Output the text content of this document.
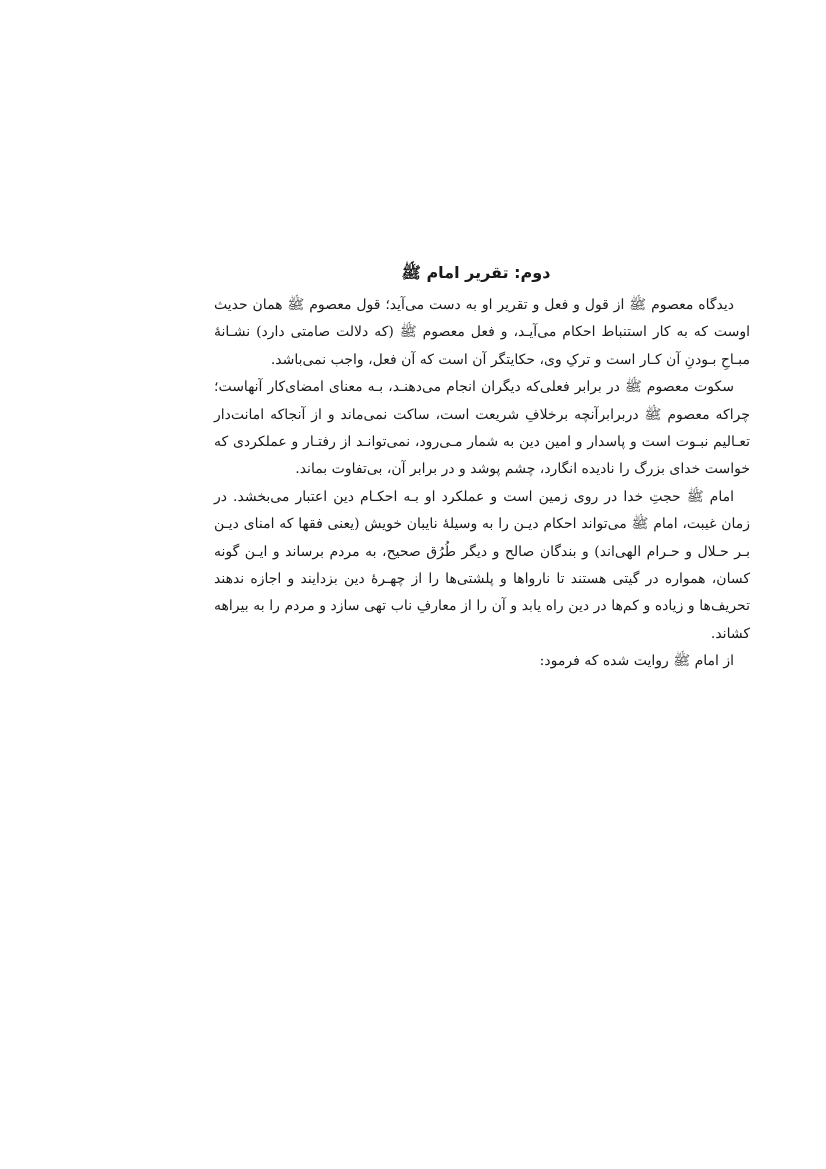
دوم: تقرير امام ﷺ

دیدگاه معصوم ﷺ از قول و فعل و تقریر او به دست می‌آید؛ قول معصوم ﷺ همان حدیث اوست که به کار استنباط احکام می‌آیـد، و فعل معصوم ﷺ (که دلالت صامتی دارد) نشـانهٔ مبـاحِ بـودنِ آن کـار است و ترکِ وی، حکایتگر آن است که آن فعل، واجب نمی‌باشد.

سکوت معصوم ﷺ در برابر فعلی‌که دیگران انجام می‌دهنـد، بـه معنای امضای‌کار آنهاست؛ چراکه معصوم ﷺ دربرابرآنچه برخلافِ شریعت است، ساکت نمی‌ماند و از آنجاکه امانت‌دار تعـالیم نبـوت است و پاسدار و امین دین به شمار مـی‌رود، نمی‌توانـد از رفتـار و عملکردی که خواست خدای بزرگ را نادیده انگارد، چشم پوشد و در برابر آن، بی‌تفاوت بماند.

امام ﷺ حجتِ خدا در روی زمین است و عملکرد او بـه احکـام دین اعتبار می‌بخشد. در زمان غیبت، امام ﷺ می‌تواند احکام دیـن را به وسیلهٔ نایبان خویش (یعنی فقها که امنای دیـن بـر حـلال و حـرام الهی‌اند) و بندگان صالح و دیگر طُرُق صحیح، به مردم برساند و ایـن گونه کسان، همواره در گیتی هستند تا نارواها و پلشتی‌ها را از چهـرهٔ دین بزدایند و اجازه ندهند تحریف‌ها و زیاده و کم‌ها در دین راه یابد و آن را از معارفِ ناب تهی سازد و مردم را به بیراهه کشاند.

از امام ﷺ روایت شده که فرمود:
